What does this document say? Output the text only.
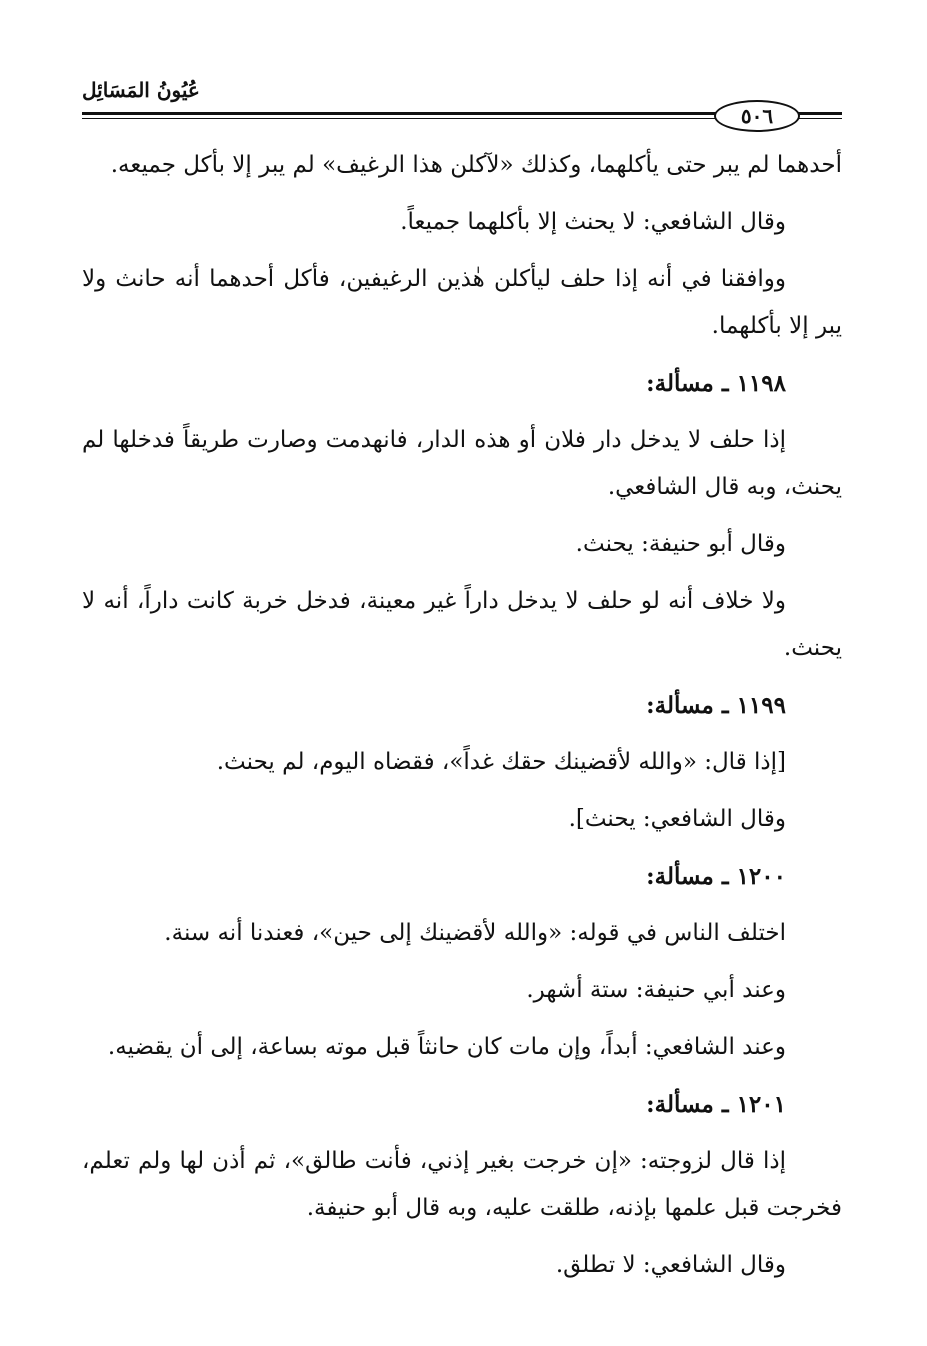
عُيُونُ المَسَائِل
٥٠٦

أحدهما لم يبر حتى يأكلهما، وكذلك «لآكلن هذا الرغيف» لم يبر إلا بأكل جميعه.

وقال الشافعي: لا يحنث إلا بأكلهما جميعاً.

ووافقنا في أنه إذا حلف ليأكلن هٰذين الرغيفين، فأكل أحدهما أنه حانث ولا يبر إلا بأكلهما.

١١٩٨ ـ مسألة:

إذا حلف لا يدخل دار فلان أو هذه الدار، فانهدمت وصارت طريقاً فدخلها لم يحنث، وبه قال الشافعي.

وقال أبو حنيفة: يحنث.

ولا خلاف أنه لو حلف لا يدخل داراً غير معينة، فدخل خربة كانت داراً، أنه لا يحنث.

١١٩٩ ـ مسألة:

[إذا قال: «والله لأقضينك حقك غداً»، فقضاه اليوم، لم يحنث.

وقال الشافعي: يحنث].

١٢٠٠ ـ مسألة:

اختلف الناس في قوله: «والله لأقضينك إلى حين»، فعندنا أنه سنة.

وعند أبي حنيفة: ستة أشهر.

وعند الشافعي: أبداً، وإن مات كان حانثاً قبل موته بساعة، إلى أن يقضيه.

١٢٠١ ـ مسألة:

إذا قال لزوجته: «إن خرجت بغير إذني، فأنت طالق»، ثم أذن لها ولم تعلم، فخرجت قبل علمها بإذنه، طلقت عليه، وبه قال أبو حنيفة.

وقال الشافعي: لا تطلق.
